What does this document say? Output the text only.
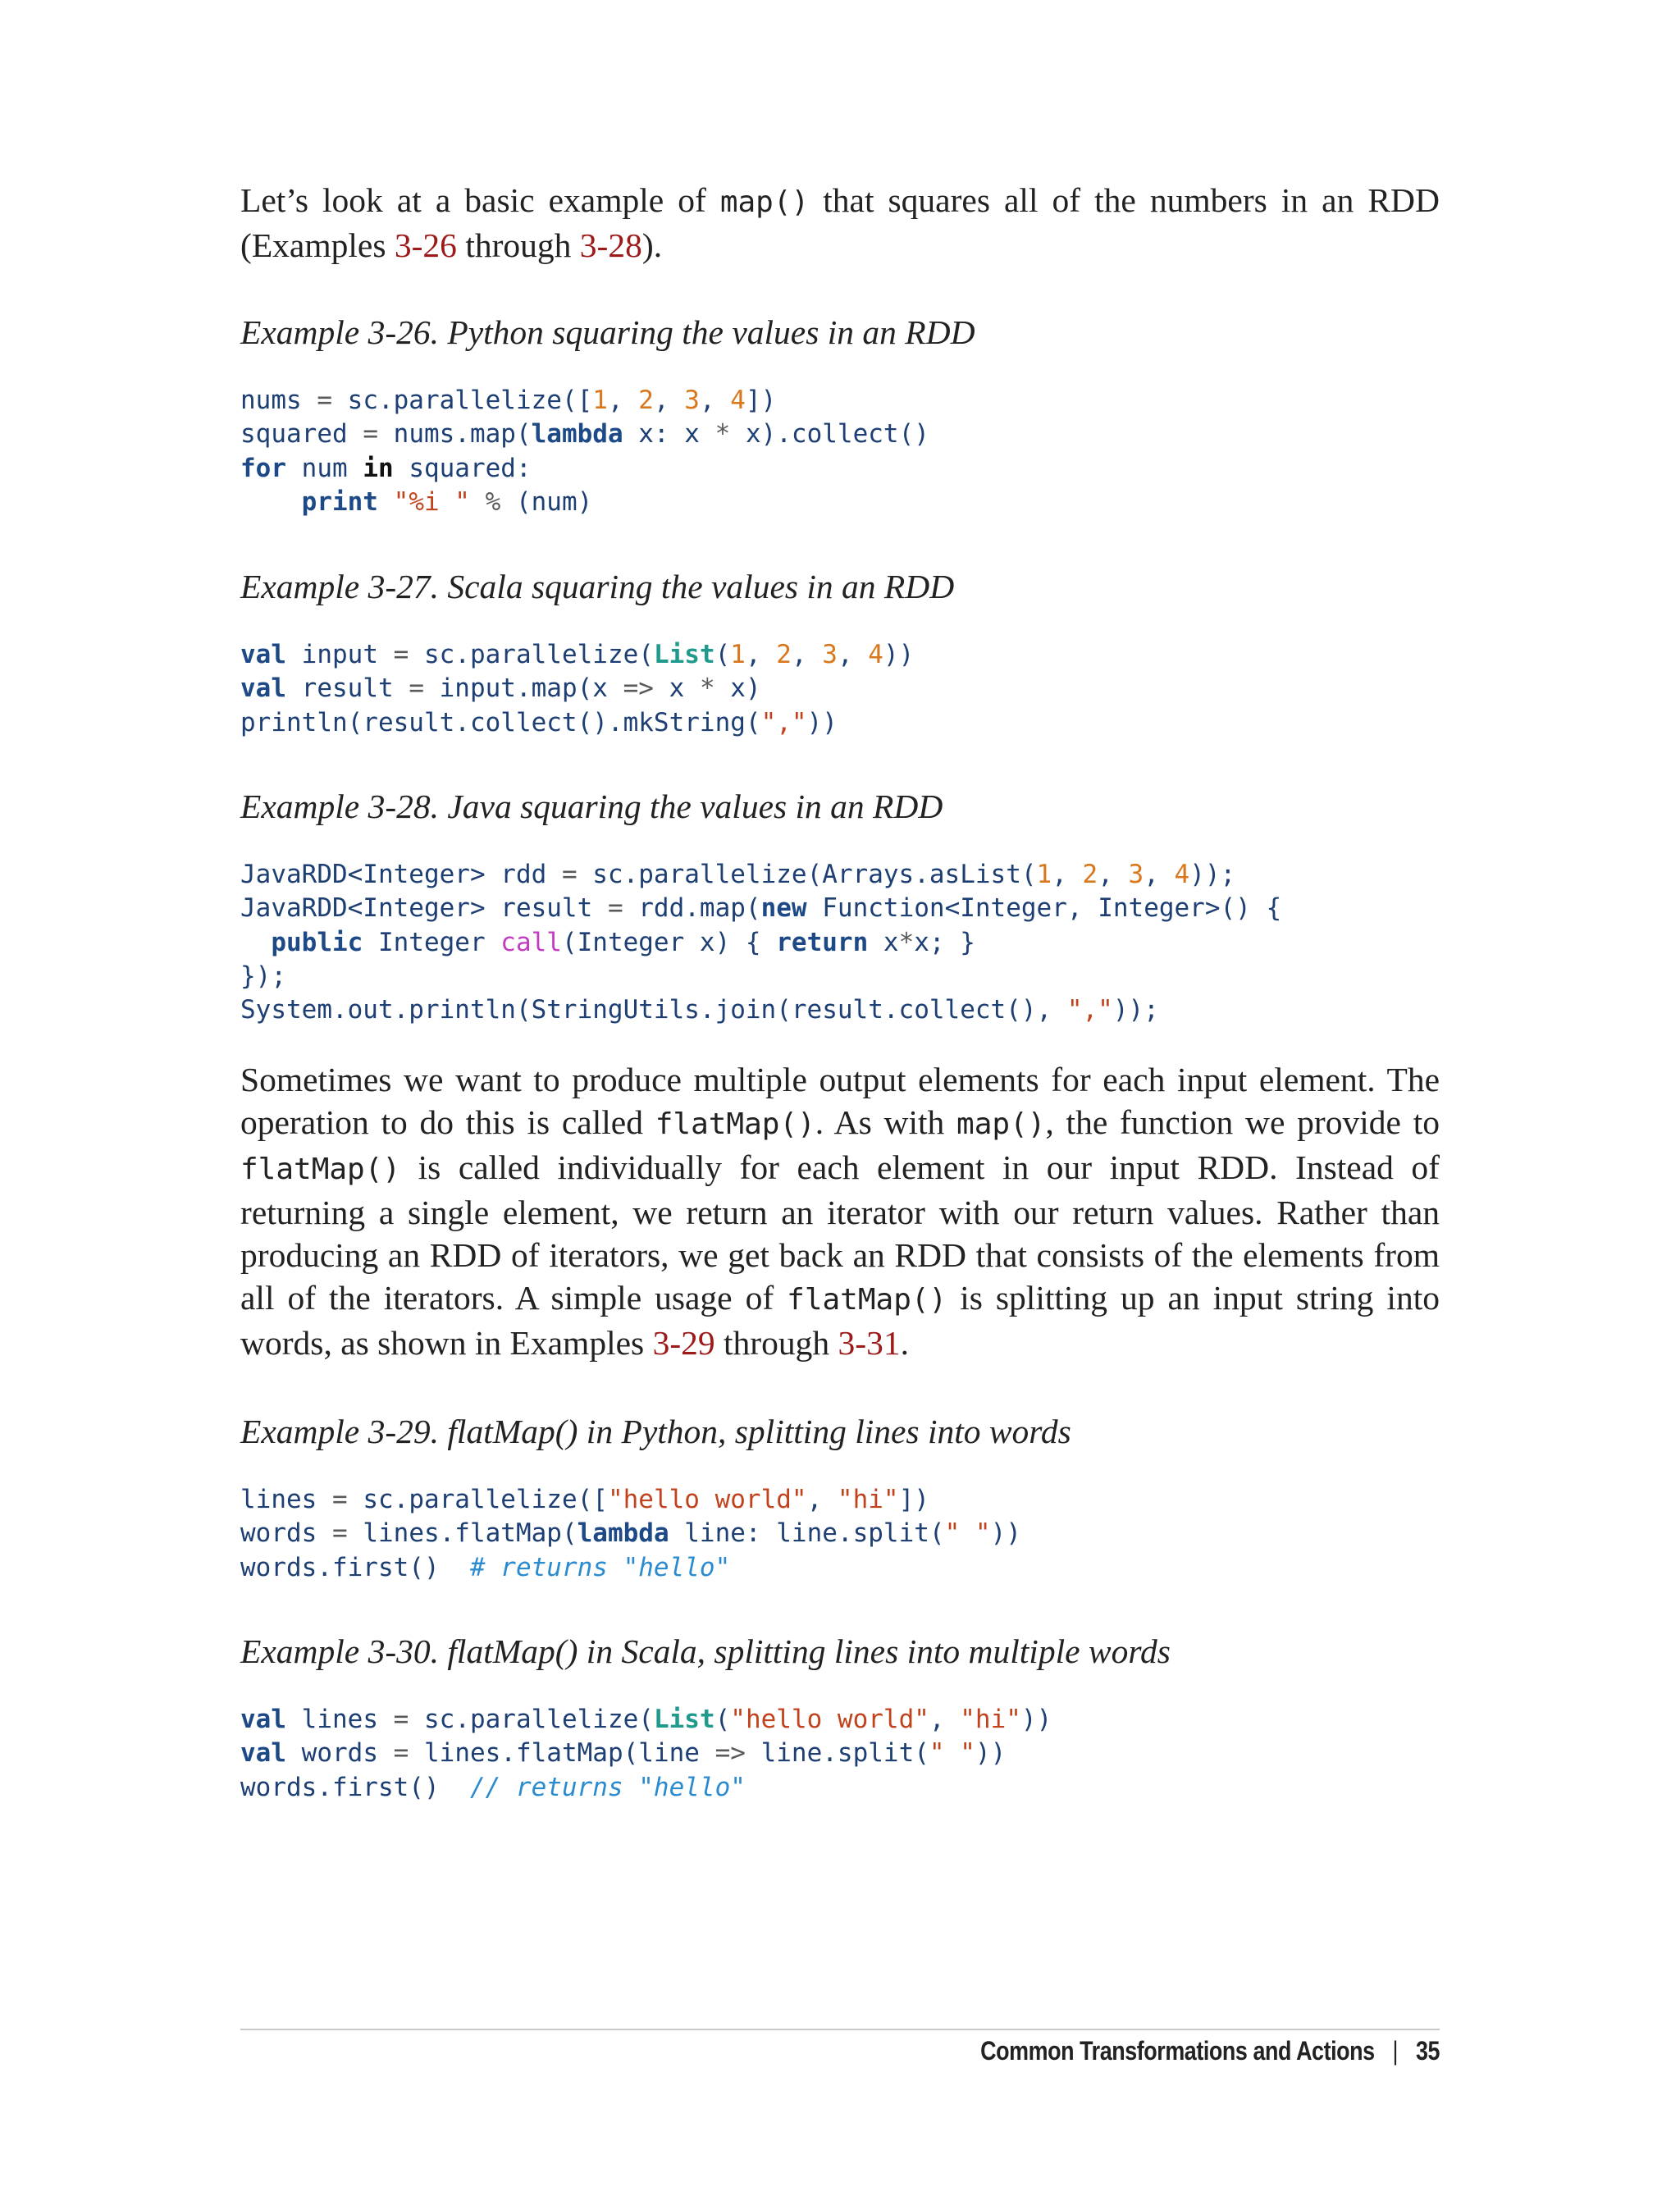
Let’s look at a basic example of map() that squares all of the numbers in an RDD (Examples 3-26 through 3-28).

Example 3-26. Python squaring the values in an RDD

nums = sc.parallelize([1, 2, 3, 4])
squared = nums.map(lambda x: x * x).collect()
for num in squared:
print "%i " % (num)

Example 3-27. Scala squaring the values in an RDD

val input = sc.parallelize(List(1, 2, 3, 4))
val result = input.map(x => x * x)
println(result.collect().mkString(","))

Example 3-28. Java squaring the values in an RDD

JavaRDD<Integer> rdd = sc.parallelize(Arrays.asList(1, 2, 3, 4));
JavaRDD<Integer> result = rdd.map(new Function<Integer, Integer>() {
public Integer call(Integer x) { return x*x; }
});
System.out.println(StringUtils.join(result.collect(), ","));

Sometimes we want to produce multiple output elements for each input element. The operation to do this is called flatMap(). As with map(), the function we provide to flatMap() is called individually for each element in our input RDD. Instead of returning a single element, we return an iterator with our return values. Rather than producing an RDD of iterators, we get back an RDD that consists of the elements from all of the iterators. A simple usage of flatMap() is splitting up an input string into words, as shown in Examples 3-29 through 3-31.

Example 3-29. flatMap() in Python, splitting lines into words

lines = sc.parallelize(["hello world", "hi"])
words = lines.flatMap(lambda line: line.split(" "))
words.first() # returns "hello"

Example 3-30. flatMap() in Scala, splitting lines into multiple words

val lines = sc.parallelize(List("hello world", "hi"))
val words = lines.flatMap(line => line.split(" "))
words.first() // returns "hello"
Common Transformations and Actions | 35
